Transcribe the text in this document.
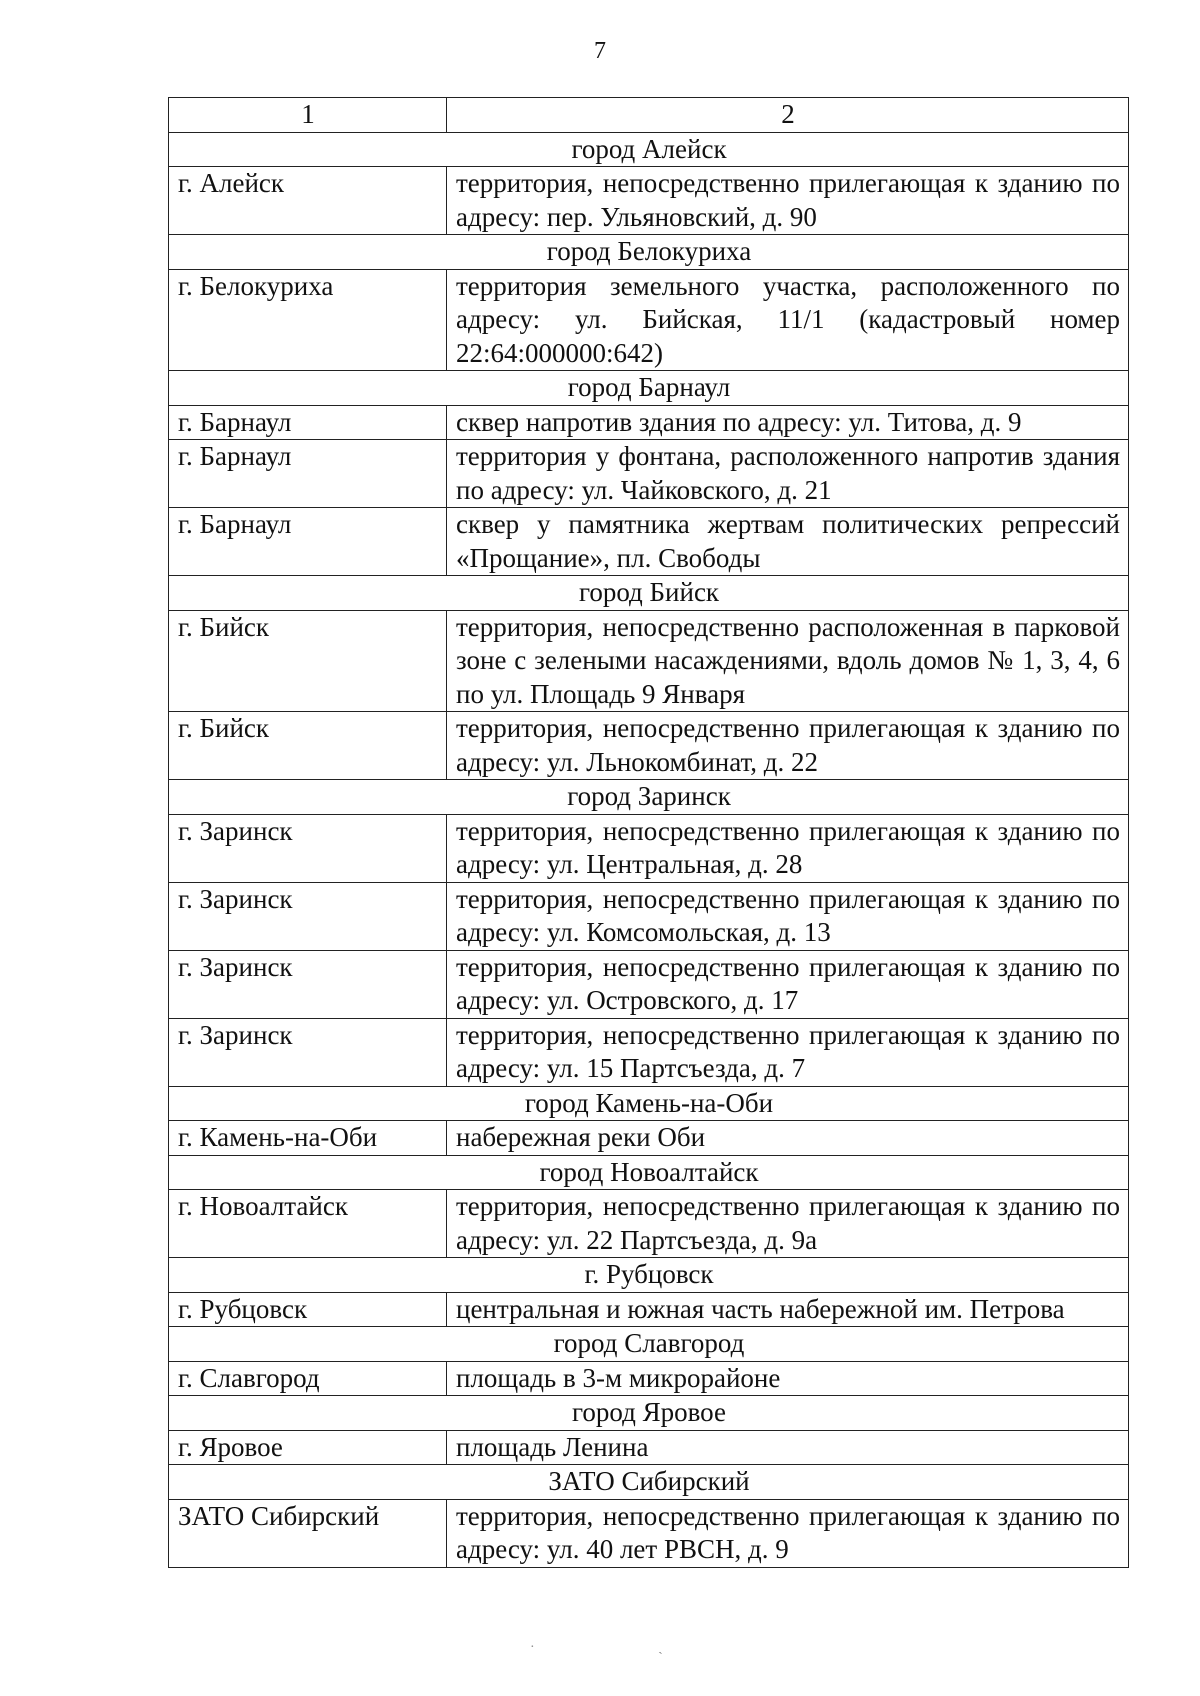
7
1	2
город Алейск	
г. Алейск	территория, непосредственно прилегающая к зданию по адресу: пер. Ульяновский, д. 90
город Белокуриха	
г. Белокуриха	территория земельного участка, расположенного по адресу: ул. Бийская, 11/1 (кадастровый номер 22:64:000000:642)
город Барнаул	
г. Барнаул	сквер напротив здания по адресу: ул. Титова, д. 9
г. Барнаул	территория у фонтана, расположенного напротив здания по адресу: ул. Чайковского, д. 21
г. Барнаул	сквер у памятника жертвам политических репрессий «Прощание», пл. Свободы
город Бийск	
г. Бийск	территория, непосредственно расположенная в парковой зоне с зелеными насаждениями, вдоль домов № 1, 3, 4, 6 по ул. Площадь 9 Января
г. Бийск	территория, непосредственно прилегающая к зданию по адресу: ул. Льнокомбинат, д. 22
город Заринск	
г. Заринск	территория, непосредственно прилегающая к зданию по адресу: ул. Центральная, д. 28
г. Заринск	территория, непосредственно прилегающая к зданию по адресу: ул. Комсомольская, д. 13
г. Заринск	территория, непосредственно прилегающая к зданию по адресу: ул. Островского, д. 17
г. Заринск	территория, непосредственно прилегающая к зданию по адресу: ул. 15 Партсъезда, д. 7
город Камень-на-Оби	
г. Камень-на-Оби	набережная реки Оби
город Новоалтайск	
г. Новоалтайск	территория, непосредственно прилегающая к зданию по адресу: ул. 22 Партсъезда, д. 9а
г. Рубцовск	
г. Рубцовск	центральная и южная часть набережной им. Петрова
город Славгород	
г. Славгород	площадь в 3-м микрорайоне
город Яровое	
г. Яровое	площадь Ленина
ЗАТО Сибирский	
ЗАТО Сибирский	территория, непосредственно прилегающая к зданию по адресу: ул. 40 лет РВСН, д. 9
· ˎ
